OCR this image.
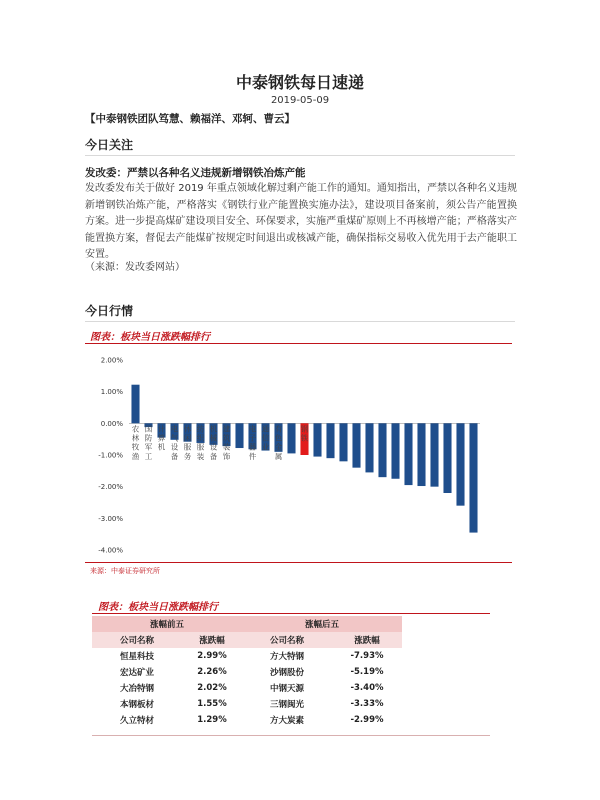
中泰钢铁每日速递
2019-05-09
【中泰钢铁团队笃慧、赖福洋、邓轲、曹云】
今日关注
发改委：严禁以各种名义违规新增钢铁冶炼产能
发改委发布关于做好 2019 年重点领域化解过剩产能工作的通知。通知指出，严禁以各种名义违规新增钢铁冶炼产能，严格落实《钢铁行业产能置换实施办法》，建设项目备案前，须公告产能置换方案。进一步提高煤矿建设项目安全、环保要求，实施严重煤矿原则上不再核增产能；严格落实产能置换方案，督促去产能煤矿按规定时间退出或核减产能，确保指标交易收入优先用于去产能职工安置。
（来源：发改委网站）
今日行情
图表：板块当日涨跌幅排行
2.00%
1.00%
0.00%
-1.00%
-2.00%
-3.00%
-4.00%
农林牧渔
国防军工
计算机
电气设备
休闲服务
纺织服装
机械设备
建筑装饰
电子器件
通信业
有色金属
钢铁
来源：中泰证券研究所
图表：板块当日涨跌幅排行
涨幅前五		涨幅后五	
公司名称	涨跌幅	公司名称	涨跌幅
恒星科技	2.99%	方大特钢	-7.93%
宏达矿业	2.26%	沙钢股份	-5.19%
大冶特钢	2.02%	中钢天源	-3.40%
本钢板材	1.55%	三钢闽光	-3.33%
久立特材	1.29%	方大炭素	-2.99%
